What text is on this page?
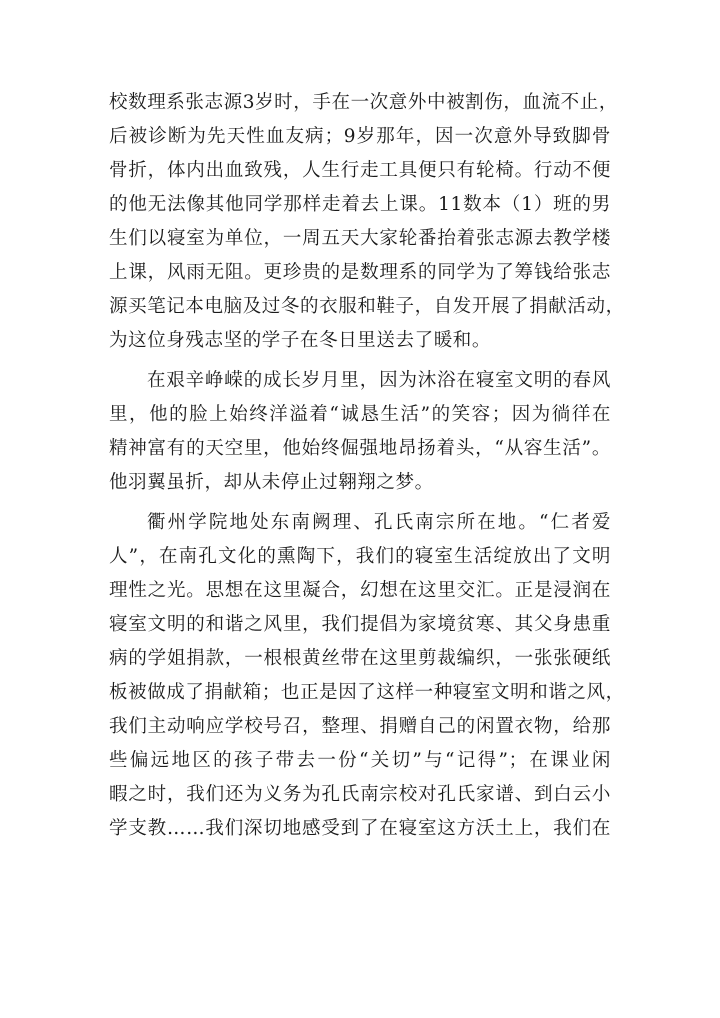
校数理系张志源3岁时，手在一次意外中被割伤，血流不止，
后被诊断为先天性血友病；9岁那年，因一次意外导致脚骨
骨折，体内出血致残，人生行走工具便只有轮椅。行动不便
的他无法像其他同学那样走着去上课。11数本（1）班的男
生们以寝室为单位，一周五天大家轮番抬着张志源去教学楼
上课，风雨无阻。更珍贵的是数理系的同学为了筹钱给张志
源买笔记本电脑及过冬的衣服和鞋子，自发开展了捐献活动，
为这位身残志坚的学子在冬日里送去了暖和。
在艰辛峥嵘的成长岁月里，因为沐浴在寝室文明的春风
里，他的脸上始终洋溢着“诚恳生活”的笑容；因为徜徉在
精神富有的天空里，他始终倔强地昂扬着头，“从容生活”。
他羽翼虽折，却从未停止过翱翔之梦。
衢州学院地处东南阙理、孔氏南宗所在地。“仁者爱
人”，在南孔文化的熏陶下，我们的寝室生活绽放出了文明
理性之光。思想在这里凝合，幻想在这里交汇。正是浸润在
寝室文明的和谐之风里，我们提倡为家境贫寒、其父身患重
病的学姐捐款，一根根黄丝带在这里剪裁编织，一张张硬纸
板被做成了捐献箱；也正是因了这样一种寝室文明和谐之风，
我们主动响应学校号召，整理、捐赠自己的闲置衣物，给那
些偏远地区的孩子带去一份“关切”与“记得”；在课业闲
暇之时，我们还为义务为孔氏南宗校对孔氏家谱、到白云小
学支教……我们深切地感受到了在寝室这方沃土上，我们在
